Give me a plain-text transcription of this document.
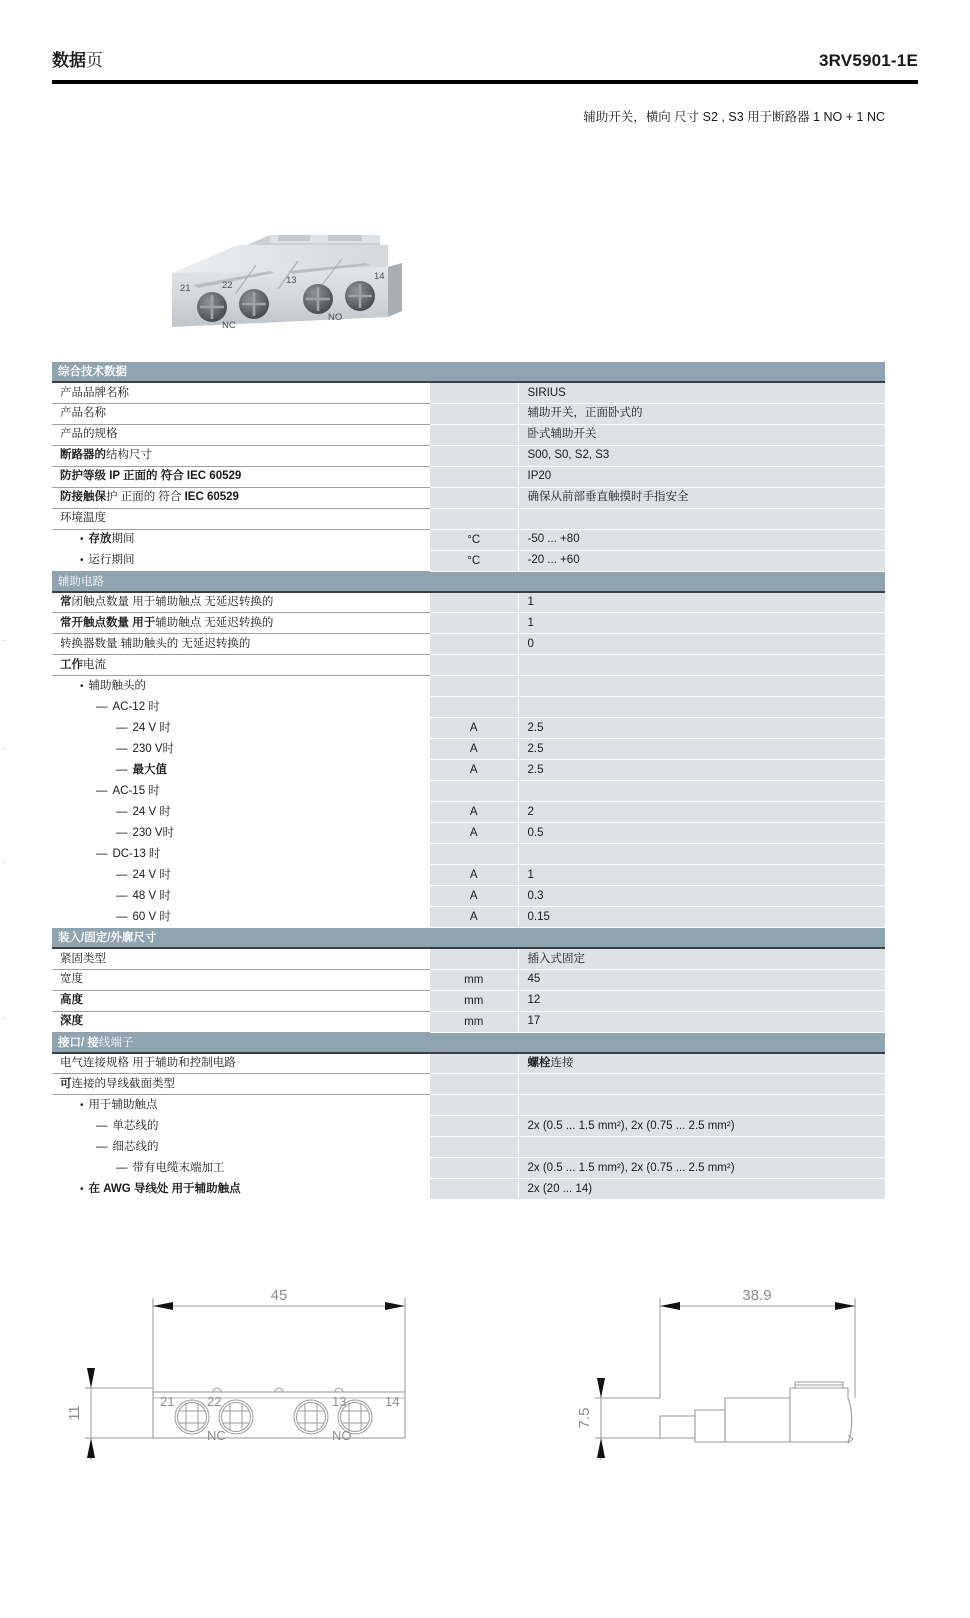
数据页	3RV5901-1E
辅助开关，横向 尺寸 S2 , S3 用于断路器 1 NO + 1 NC
21	22	13	14
NC
NO
综合技术数据		
产品品牌名称		SIRIUS
产品名称		辅助开关，正面卧式的
产品的规格		卧式辅助开关
断路器的结构尺寸		S00, S0, S2, S3
防护等级 IP 正面的 符合 IEC 60529		IP20
防接触保护 正面的 符合 IEC 60529		确保从前部垂直触摸时手指安全
环境温度		
• 存放期间	°C	-50 ... +80
• 运行期间	°C	-20 ... +60
辅助电路		
常闭触点数量 用于辅助触点 无延迟转换的		1
常开触点数量 用于辅助触点 无延迟转换的		1
转换器数量 辅助触头的 无延迟转换的		0
工作电流		
• 辅助触头的		
— AC-12 时		
— 24 V 时	A	2.5
— 230 V时	A	2.5
— 最大值	A	2.5
— AC-15 时		
— 24 V 时	A	2
— 230 V时	A	0.5
— DC-13 时		
— 24 V 时	A	1
— 48 V 时	A	0.3
— 60 V 时	A	0.15
装入/固定/外廓尺寸		
紧固类型		插入式固定
宽度	mm	45
高度	mm	12
深度	mm	17
接口/ 接线端子		
电气连接规格 用于辅助和控制电路		螺栓连接
可连接的导线截面类型		
• 用于辅助触点		
— 单芯线的		2x (0.5 ... 1.5 mm²), 2x (0.75 ... 2.5 mm²)
— 细芯线的		
— 带有电缆末端加工		2x (0.5 ... 1.5 mm²), 2x (0.75 ... 2.5 mm²)
• 在 AWG 导线处 用于辅助触点		2x (20 ... 14)
45
11
21	22	13	14
NC	NO
38.9
7.5
